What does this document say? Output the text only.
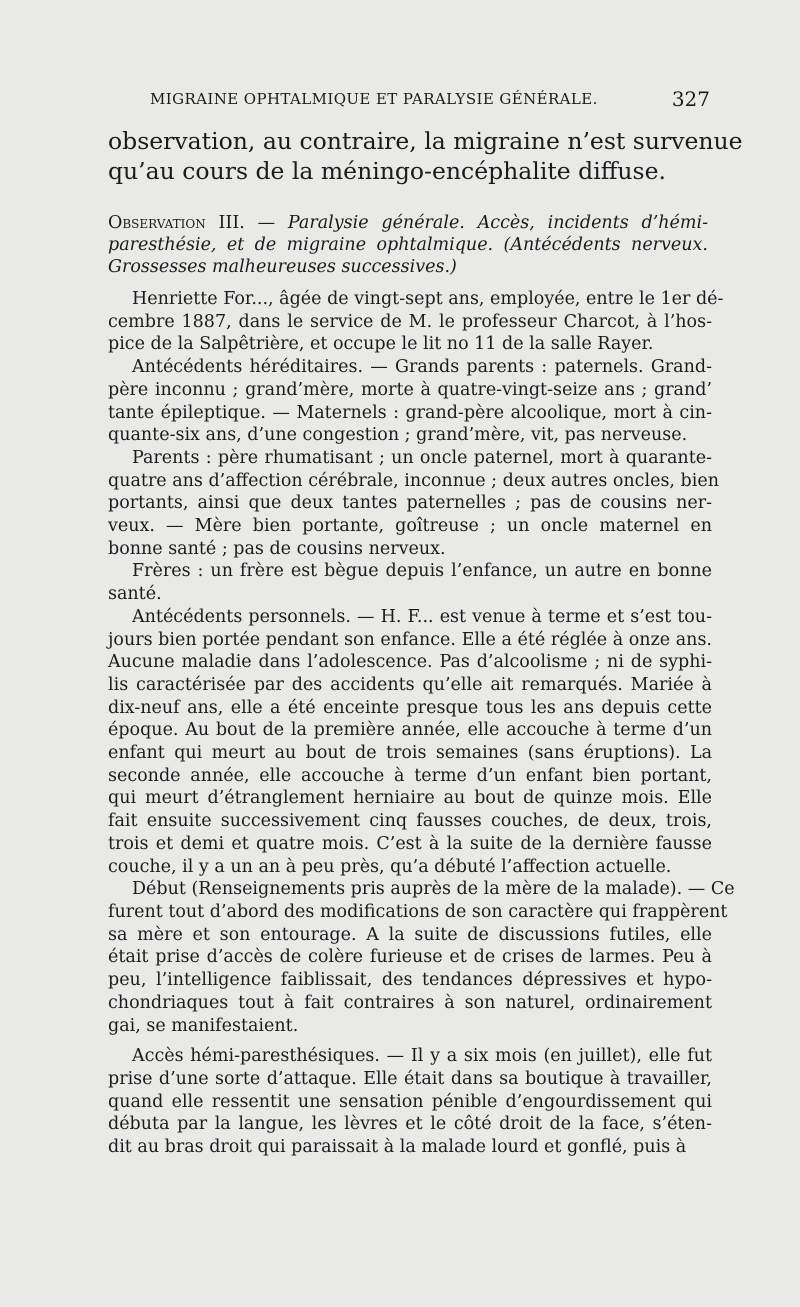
MIGRAINE OPHTALMIQUE ET PARALYSIE GÉNÉRALE.	327
observation, au contraire, la migraine n’est survenue
qu’au cours de la méningo-encéphalite diffuse.
Observation III. — Paralysie générale. Accès, incidents d’hémi-
paresthésie, et de migraine ophtalmique. (Antécédents nerveux.
Grossesses malheureuses successives.)
Henriette For..., âgée de vingt-sept ans, employée, entre le 1er dé-
cembre 1887, dans le service de M. le professeur Charcot, à l’hos-
pice de la Salpêtrière, et occupe le lit no 11 de la salle Rayer.
Antécédents héréditaires. — Grands parents : paternels. Grand-
père inconnu ; grand’mère, morte à quatre-vingt-seize ans ; grand’
tante épileptique. — Maternels : grand-père alcoolique, mort à cin-
quante-six ans, d’une congestion ; grand’mère, vit, pas nerveuse.
Parents : père rhumatisant ; un oncle paternel, mort à quarante-
quatre ans d’affection cérébrale, inconnue ; deux autres oncles, bien
portants, ainsi que deux tantes paternelles ; pas de cousins ner-
veux. — Mère bien portante, goîtreuse ; un oncle maternel en
bonne santé ; pas de cousins nerveux.
Frères : un frère est bègue depuis l’enfance, un autre en bonne
santé.
Antécédents personnels. — H. F... est venue à terme et s’est tou-
jours bien portée pendant son enfance. Elle a été réglée à onze ans.
Aucune maladie dans l’adolescence. Pas d’alcoolisme ; ni de syphi-
lis caractérisée par des accidents qu’elle ait remarqués. Mariée à
dix-neuf ans, elle a été enceinte presque tous les ans depuis cette
époque. Au bout de la première année, elle accouche à terme d’un
enfant qui meurt au bout de trois semaines (sans éruptions). La
seconde année, elle accouche à terme d’un enfant bien portant,
qui meurt d’étranglement herniaire au bout de quinze mois. Elle
fait ensuite successivement cinq fausses couches, de deux, trois,
trois et demi et quatre mois. C’est à la suite de la dernière fausse
couche, il y a un an à peu près, qu’a débuté l’affection actuelle.
Début (Renseignements pris auprès de la mère de la malade). — Ce
furent tout d’abord des modifications de son caractère qui frappèrent
sa mère et son entourage. A la suite de discussions futiles, elle
était prise d’accès de colère furieuse et de crises de larmes. Peu à
peu, l’intelligence faiblissait, des tendances dépressives et hypo-
chondriaques tout à fait contraires à son naturel, ordinairement
gai, se manifestaient.
Accès hémi-paresthésiques. — Il y a six mois (en juillet), elle fut
prise d’une sorte d’attaque. Elle était dans sa boutique à travailler,
quand elle ressentit une sensation pénible d’engourdissement qui
débuta par la langue, les lèvres et le côté droit de la face, s’éten-
dit au bras droit qui paraissait à la malade lourd et gonflé, puis à
